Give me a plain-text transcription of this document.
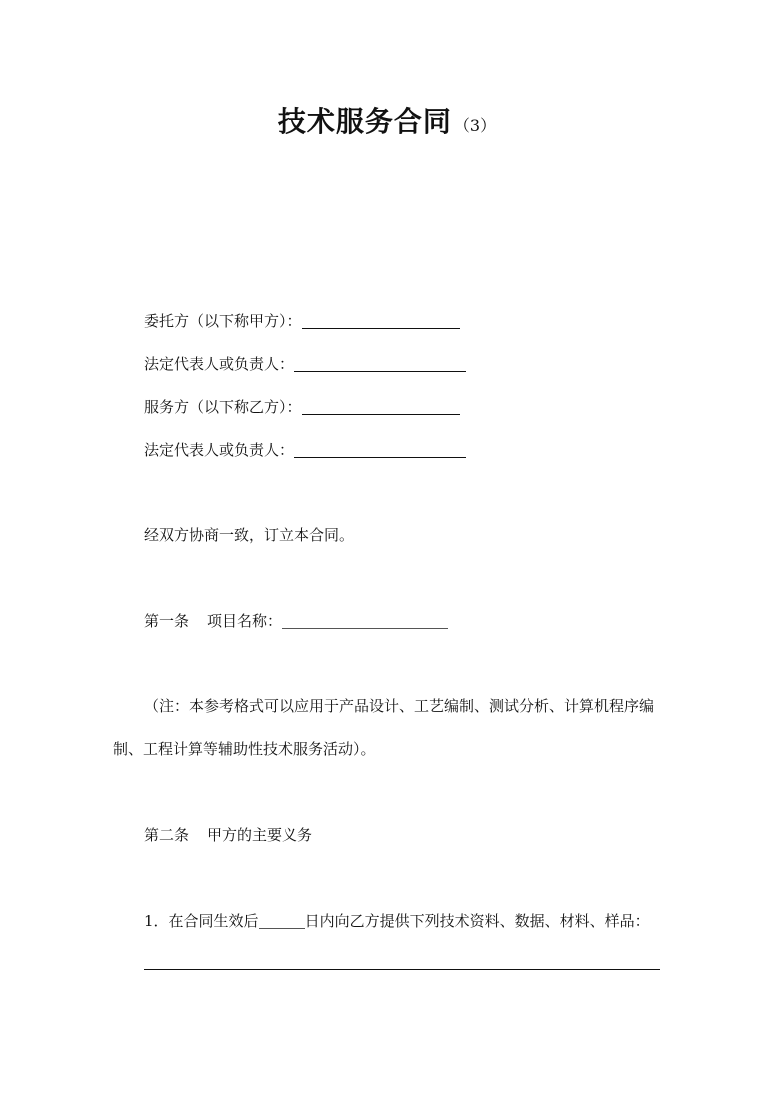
技术服务合同 （3）
委托方（以下称甲方）：
法定代表人或负责人：
服务方（以下称乙方）：
法定代表人或负责人：
经双方协商一致，订立本合同。
第一条 项目名称：
（注：本参考格式可以应用于产品设计、工艺编制、测试分析、计算机程序编
制、工程计算等辅助性技术服务活动）。
第二条 甲方的主要义务
1．在合同生效后	日内向乙方提供下列技术资料、数据、材料、样品：
